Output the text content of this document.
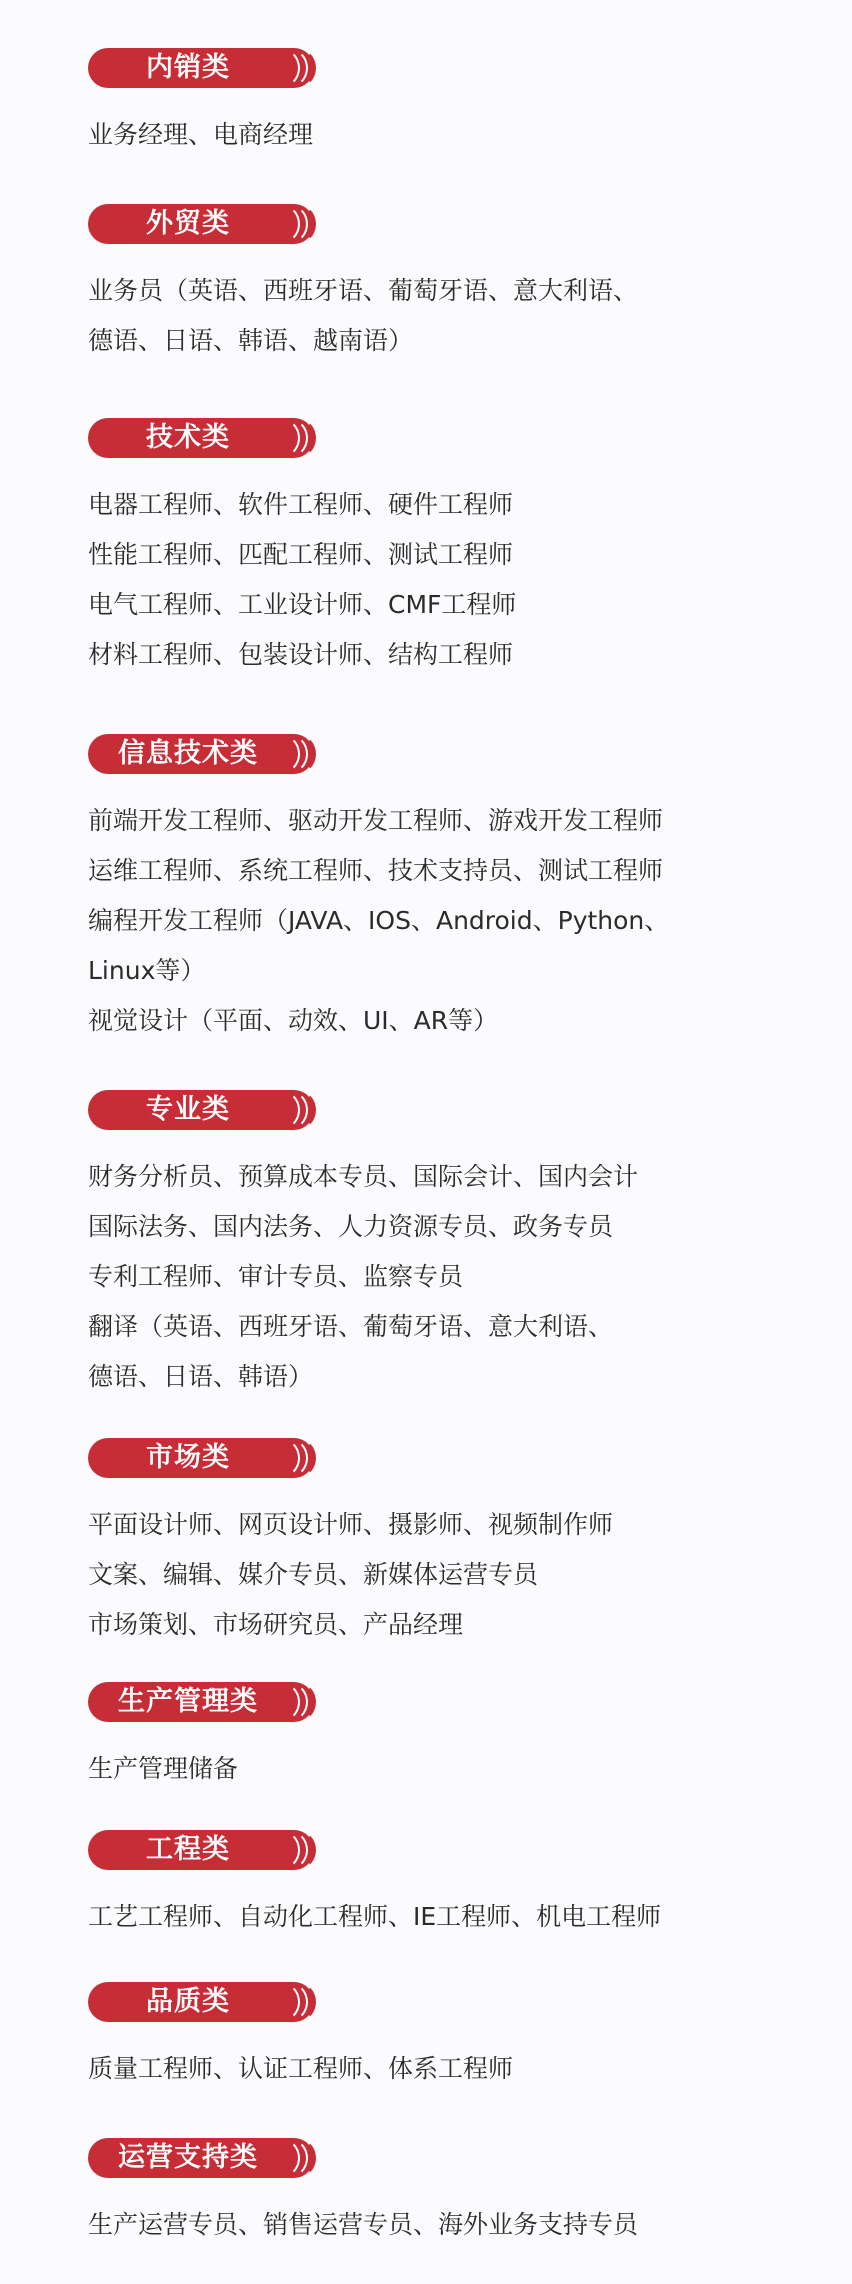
内销类
业务经理、电商经理
外贸类
业务员（英语、西班牙语、葡萄牙语、意大利语、
德语、日语、韩语、越南语）
技术类
电器工程师、软件工程师、硬件工程师
性能工程师、匹配工程师、测试工程师
电气工程师、工业设计师、CMF工程师
材料工程师、包装设计师、结构工程师
信息技术类
前端开发工程师、驱动开发工程师、游戏开发工程师
运维工程师、系统工程师、技术支持员、测试工程师
编程开发工程师（JAVA、IOS、Android、Python、
Linux等）
视觉设计（平面、动效、UI、AR等）
专业类
财务分析员、预算成本专员、国际会计、国内会计
国际法务、国内法务、人力资源专员、政务专员
专利工程师、审计专员、监察专员
翻译（英语、西班牙语、葡萄牙语、意大利语、
德语、日语、韩语）
市场类
平面设计师、网页设计师、摄影师、视频制作师
文案、编辑、媒介专员、新媒体运营专员
市场策划、市场研究员、产品经理
生产管理类
生产管理储备
工程类
工艺工程师、自动化工程师、IE工程师、机电工程师
品质类
质量工程师、认证工程师、体系工程师
运营支持类
生产运营专员、销售运营专员、海外业务支持专员
